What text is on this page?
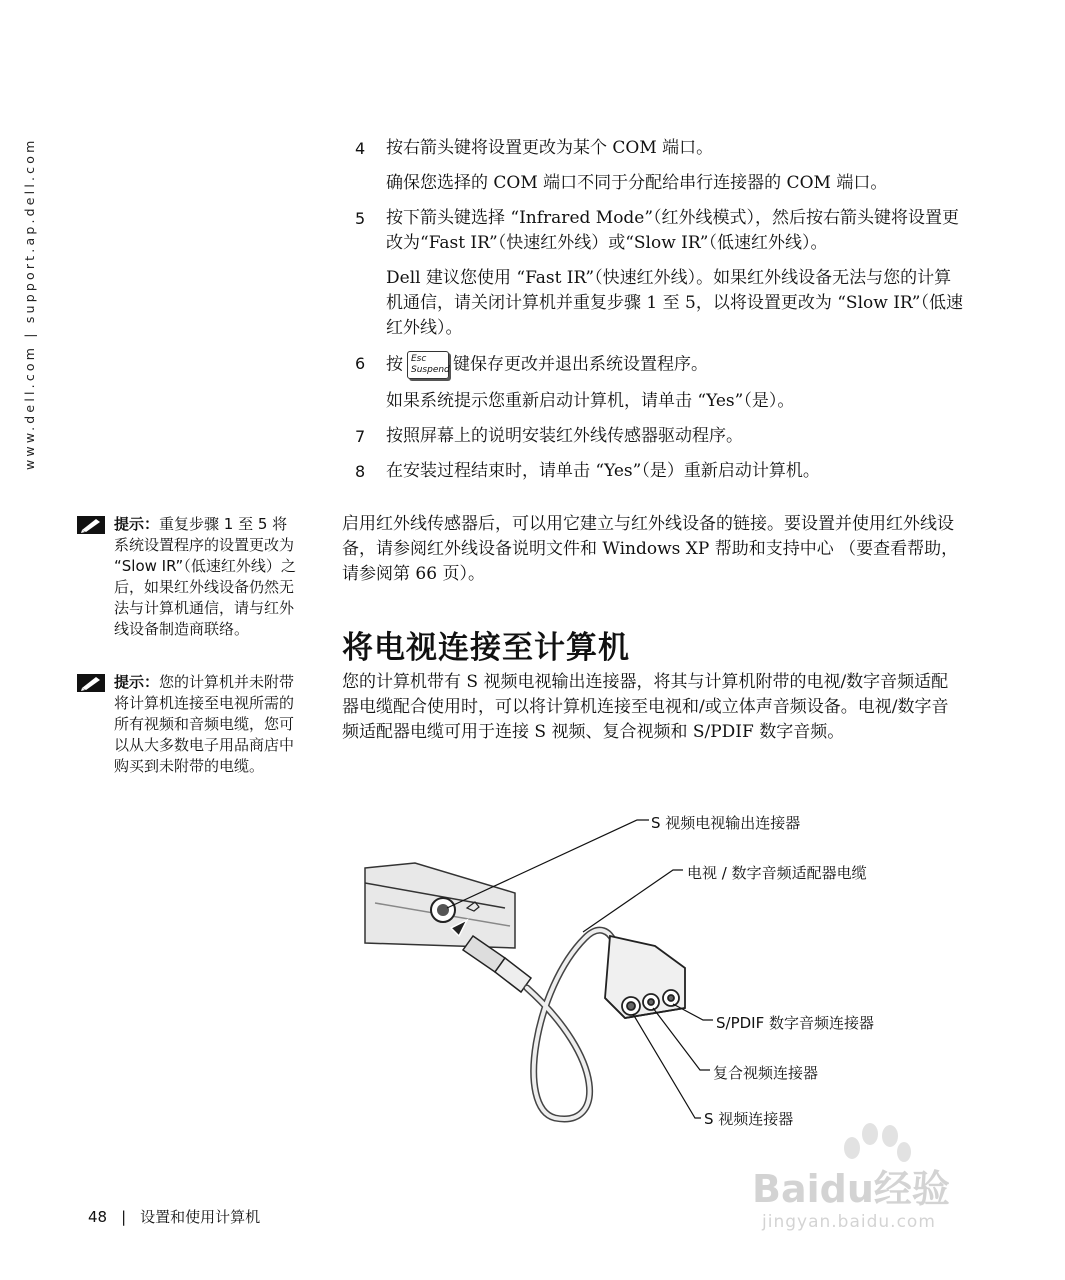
www.dell.com | support.ap.dell.com	4 按右箭头键将设置更改为某个 COM 端口。
确保您选择的 COM 端口不同于分配给串行连接器的 COM 端口。
5 按下箭头键选择 “Infrared Mode”（红外线模式），然后按右箭头键将设置更改为“Fast IR”（快速红外线）或“Slow IR”（低速红外线）。
Dell 建议您使用 “Fast IR”（快速红外线）。如果红外线设备无法与您的计算机通信，请关闭计算机并重复步骤 1 至 5，以将设置更改为 “Slow IR”（低速红外线）。
6 按 Esc
Suspend 键保存更改并退出系统设置程序。
如果系统提示您重新启动计算机，请单击 “Yes”（是）。
7 按照屏幕上的说明安装红外线传感器驱动程序。
8 在安装过程结束时，请单击 “Yes”（是）重新启动计算机。
启用红外线传感器后，可以用它建立与红外线设备的链接。要设置并使用红外线设备，请参阅红外线设备说明文件和 Windows XP 帮助和支持中心 （要查看帮助，请参阅第 66 页）。
将电视连接至计算机
您的计算机带有 S 视频电视输出连接器，将其与计算机附带的电视/数字音频适配器电缆配合使用时，可以将计算机连接至电视和/或立体声音频设备。电视/数字音频适配器电缆可用于连接 S 视频、复合视频和 S/PDIF 数字音频。
提示：重复步骤 1 至 5 将系统设置程序的设置更改为 “Slow IR”（低速红外线）之后，如果红外线设备仍然无法与计算机通信，请与红外线设备制造商联络。
提示：您的计算机并未附带将计算机连接至电视所需的所有视频和音频电缆，您可以从大多数电子用品商店中购买到未附带的电缆。
S 视频电视输出连接器
电视 / 数字音频适配器电缆
S/PDIF 数字音频连接器
复合视频连接器
S 视频连接器
48 | 设置和使用计算机
Baidu经验
jingyan.baidu.com
